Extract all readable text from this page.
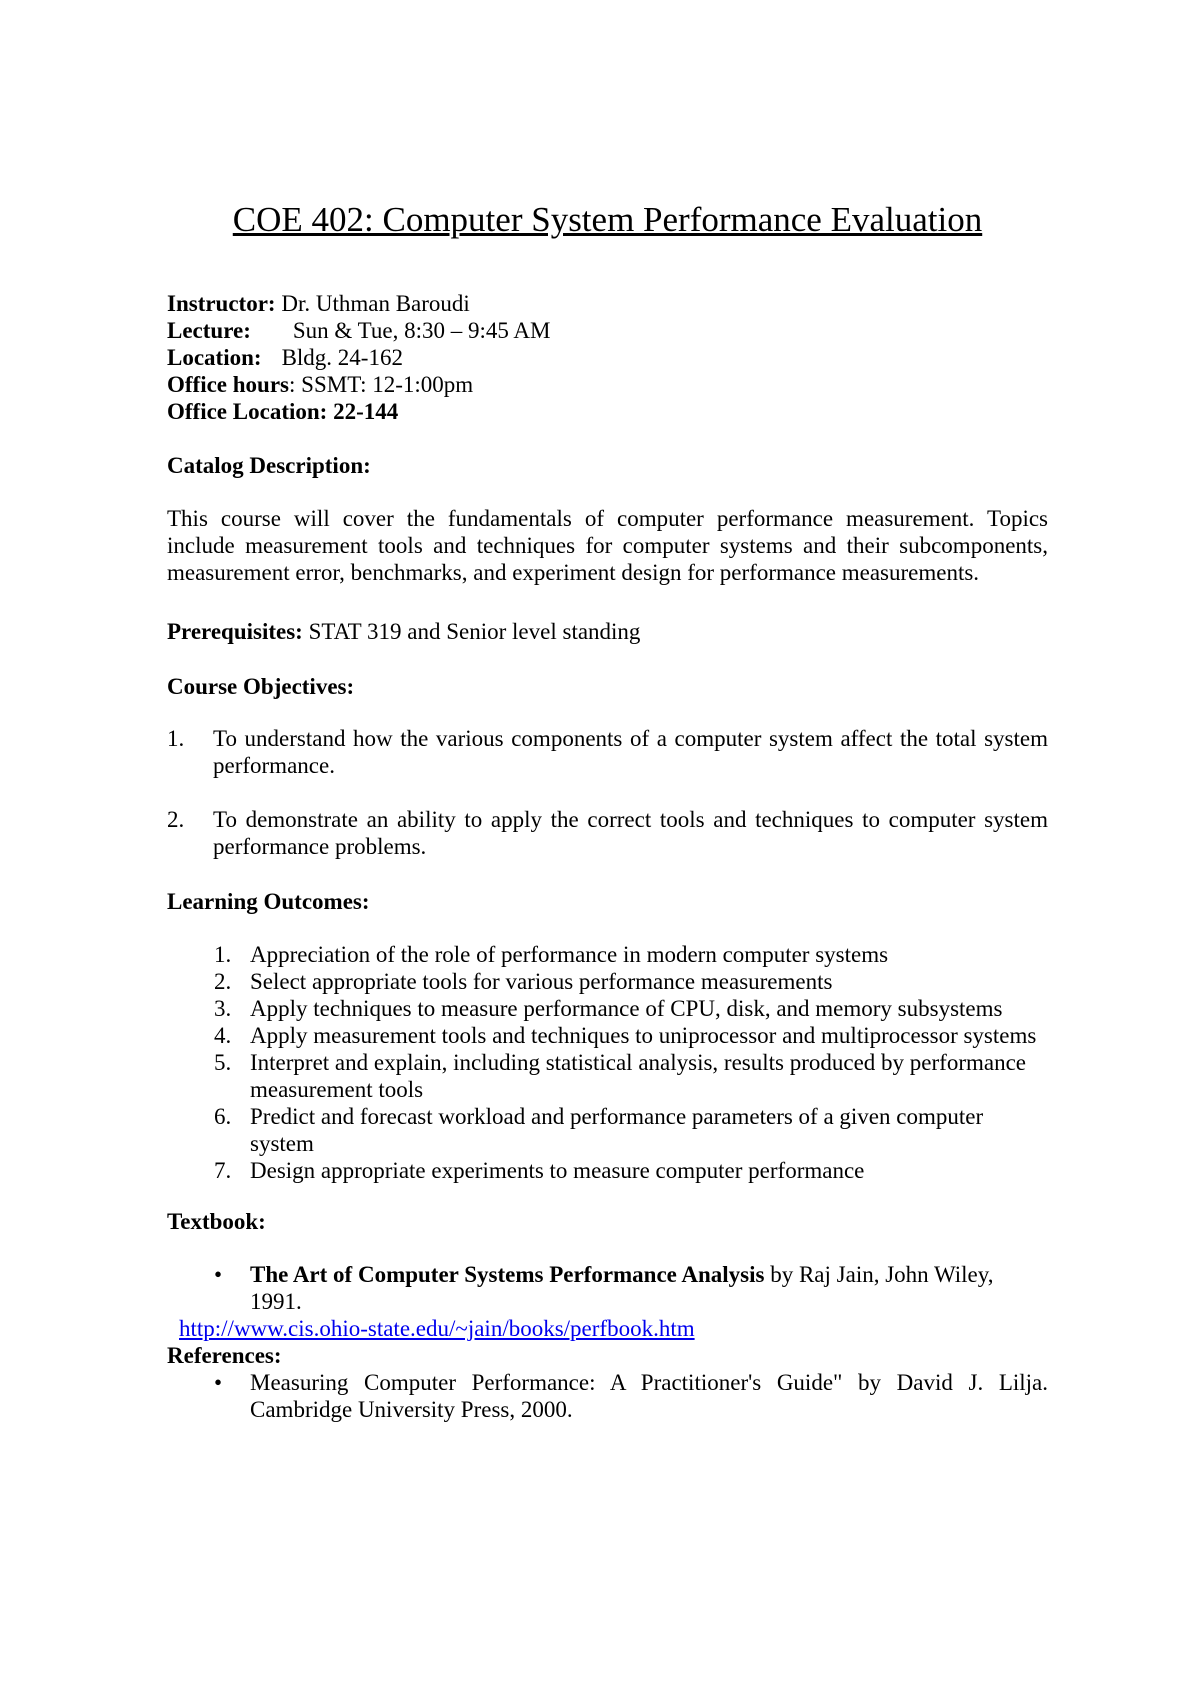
COE 402: Computer System Performance Evaluation
Instructor: Dr. Uthman Baroudi
Lecture: Sun & Tue, 8:30 – 9:45 AM
Location: Bldg. 24-162
Office hours: SSMT: 12-1:00pm
Office Location: 22-144
Catalog Description:
This course will cover the fundamentals of computer performance measurement. Topics include measurement tools and techniques for computer systems and their subcomponents, measurement error, benchmarks, and experiment design for performance measurements.
Prerequisites: STAT 319 and Senior level standing
Course Objectives:
1.	To understand how the various components of a computer system affect the total system performance.
2.	To demonstrate an ability to apply the correct tools and techniques to computer system performance problems.
Learning Outcomes:
1. Appreciation of the role of performance in modern computer systems
2. Select appropriate tools for various performance measurements
3. Apply techniques to measure performance of CPU, disk, and memory subsystems
4. Apply measurement tools and techniques to uniprocessor and multiprocessor systems
5. Interpret and explain, including statistical analysis, results produced by performance measurement tools
6. Predict and forecast workload and performance parameters of a given computer system
7. Design appropriate experiments to measure computer performance
Textbook:
•	The Art of Computer Systems Performance Analysis by Raj Jain, John Wiley, 1991.
http://www.cis.ohio-state.edu/~jain/books/perfbook.htm
References:
•	Measuring Computer Performance: A Practitioner's Guide" by David J. Lilja. Cambridge University Press, 2000.
